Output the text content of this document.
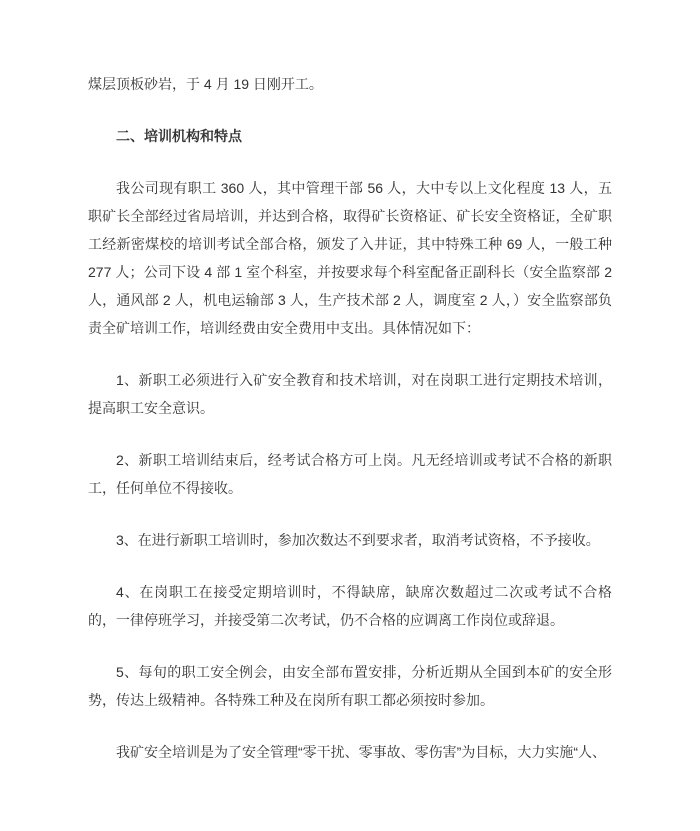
煤层顶板砂岩，于 4 月 19 日刚开工。

二、培训机构和特点

我公司现有职工 360 人，其中管理干部 56 人，大中专以上文化程度 13 人，五职矿长全部经过省局培训，并达到合格，取得矿长资格证、矿长安全资格证，全矿职工经新密煤校的培训考试全部合格，颁发了入井证，其中特殊工种 69 人，一般工种 277 人；公司下设 4 部 1 室个科室，并按要求每个科室配备正副科长（安全监察部 2 人，通风部 2 人，机电运输部 3 人，生产技术部 2 人，调度室 2 人，）安全监察部负责全矿培训工作，培训经费由安全费用中支出。具体情况如下：

1、新职工必须进行入矿安全教育和技术培训，对在岗职工进行定期技术培训，提高职工安全意识。

2、新职工培训结束后，经考试合格方可上岗。凡无经培训或考试不合格的新职工，任何单位不得接收。

3、在进行新职工培训时，参加次数达不到要求者，取消考试资格，不予接收。

4、在岗职工在接受定期培训时，不得缺席，缺席次数超过二次或考试不合格的，一律停班学习，并接受第二次考试，仍不合格的应调离工作岗位或辞退。

5、每旬的职工安全例会，由安全部布置安排，分析近期从全国到本矿的安全形势，传达上级精神。各特殊工种及在岗所有职工都必须按时参加。

我矿安全培训是为了安全管理“零干扰、零事故、零伤害”为目标，大力实施“人、
